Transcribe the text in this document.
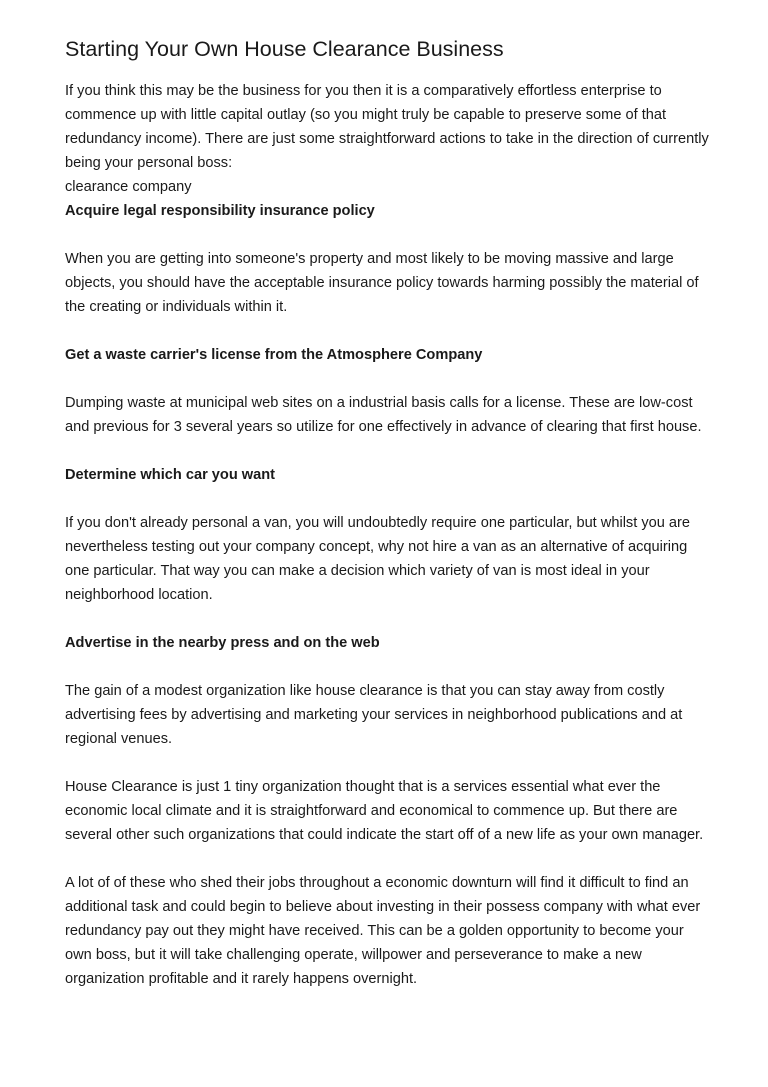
Starting Your Own House Clearance Business

If you think this may be the business for you then it is a comparatively effortless enterprise to commence up with little capital outlay (so you might truly be capable to preserve some of that redundancy income). There are just some straightforward actions to take in the direction of currently being your personal boss:

clearance company

Acquire legal responsibility insurance policy

When you are getting into someone's property and most likely to be moving massive and large objects, you should have the acceptable insurance policy towards harming possibly the material of the creating or individuals within it.

Get a waste carrier's license from the Atmosphere Company

Dumping waste at municipal web sites on a industrial basis calls for a license. These are low-cost and previous for 3 several years so utilize for one effectively in advance of clearing that first house.

Determine which car you want

If you don't already personal a van, you will undoubtedly require one particular, but whilst you are nevertheless testing out your company concept, why not hire a van as an alternative of acquiring one particular. That way you can make a decision which variety of van is most ideal in your neighborhood location.

Advertise in the nearby press and on the web

The gain of a modest organization like house clearance is that you can stay away from costly advertising fees by advertising and marketing your services in neighborhood publications and at regional venues.

House Clearance is just 1 tiny organization thought that is a services essential what ever the economic local climate and it is straightforward and economical to commence up. But there are several other such organizations that could indicate the start off of a new life as your own manager.

A lot of of these who shed their jobs throughout a economic downturn will find it difficult to find an additional task and could begin to believe about investing in their possess company with what ever redundancy pay out they might have received. This can be a golden opportunity to become your own boss, but it will take challenging operate, willpower and perseverance to make a new organization profitable and it rarely happens overnight.
